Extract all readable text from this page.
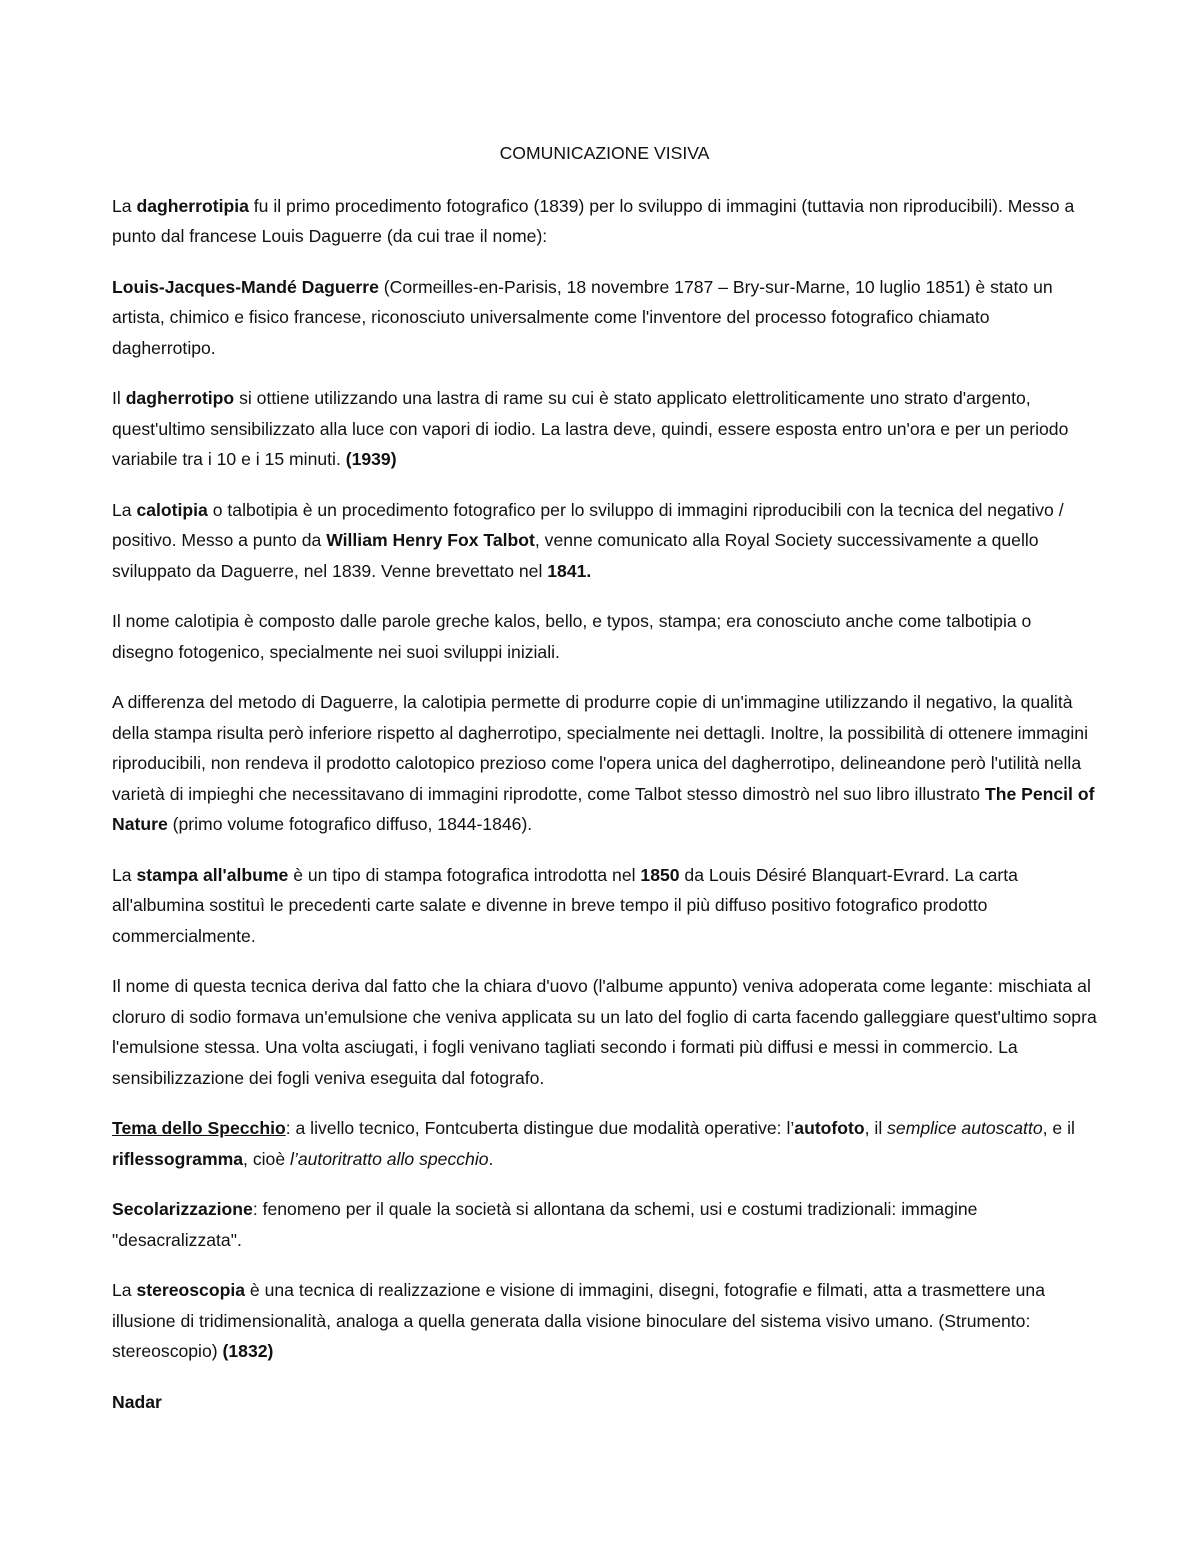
COMUNICAZIONE VISIVA

La dagherrotipia fu il primo procedimento fotografico (1839) per lo sviluppo di immagini (tuttavia non riproducibili). Messo a punto dal francese Louis Daguerre (da cui trae il nome):

Louis-Jacques-Mandé Daguerre (Cormeilles-en-Parisis, 18 novembre 1787 – Bry-sur-Marne, 10 luglio 1851) è stato un artista, chimico e fisico francese, riconosciuto universalmente come l'inventore del processo fotografico chiamato dagherrotipo.

Il dagherrotipo si ottiene utilizzando una lastra di rame su cui è stato applicato elettroliticamente uno strato d'argento, quest'ultimo sensibilizzato alla luce con vapori di iodio. La lastra deve, quindi, essere esposta entro un'ora e per un periodo variabile tra i 10 e i 15 minuti. (1939)

La calotipia o talbotipia è un procedimento fotografico per lo sviluppo di immagini riproducibili con la tecnica del negativo / positivo. Messo a punto da William Henry Fox Talbot, venne comunicato alla Royal Society successivamente a quello sviluppato da Daguerre, nel 1839. Venne brevettato nel 1841.

Il nome calotipia è composto dalle parole greche kalos, bello, e typos, stampa; era conosciuto anche come talbotipia o disegno fotogenico, specialmente nei suoi sviluppi iniziali.

A differenza del metodo di Daguerre, la calotipia permette di produrre copie di un'immagine utilizzando il negativo, la qualità della stampa risulta però inferiore rispetto al dagherrotipo, specialmente nei dettagli. Inoltre, la possibilità di ottenere immagini riproducibili, non rendeva il prodotto calotopico prezioso come l'opera unica del dagherrotipo, delineandone però l'utilità nella varietà di impieghi che necessitavano di immagini riprodotte, come Talbot stesso dimostrò nel suo libro illustrato The Pencil of Nature (primo volume fotografico diffuso, 1844-1846).

La stampa all'albume è un tipo di stampa fotografica introdotta nel 1850 da Louis Désiré Blanquart-Evrard. La carta all'albumina sostituì le precedenti carte salate e divenne in breve tempo il più diffuso positivo fotografico prodotto commercialmente.

Il nome di questa tecnica deriva dal fatto che la chiara d'uovo (l'albume appunto) veniva adoperata come legante: mischiata al cloruro di sodio formava un'emulsione che veniva applicata su un lato del foglio di carta facendo galleggiare quest'ultimo sopra l'emulsione stessa. Una volta asciugati, i fogli venivano tagliati secondo i formati più diffusi e messi in commercio. La sensibilizzazione dei fogli veniva eseguita dal fotografo.

Tema dello Specchio: a livello tecnico, Fontcuberta distingue due modalità operative: l’autofoto, il semplice autoscatto, e il riflessogramma, cioè l’autoritratto allo specchio.

Secolarizzazione: fenomeno per il quale la società si allontana da schemi, usi e costumi tradizionali: immagine "desacralizzata".

La stereoscopia è una tecnica di realizzazione e visione di immagini, disegni, fotografie e filmati, atta a trasmettere una illusione di tridimensionalità, analoga a quella generata dalla visione binoculare del sistema visivo umano. (Strumento: stereoscopio) (1832)

Nadar
